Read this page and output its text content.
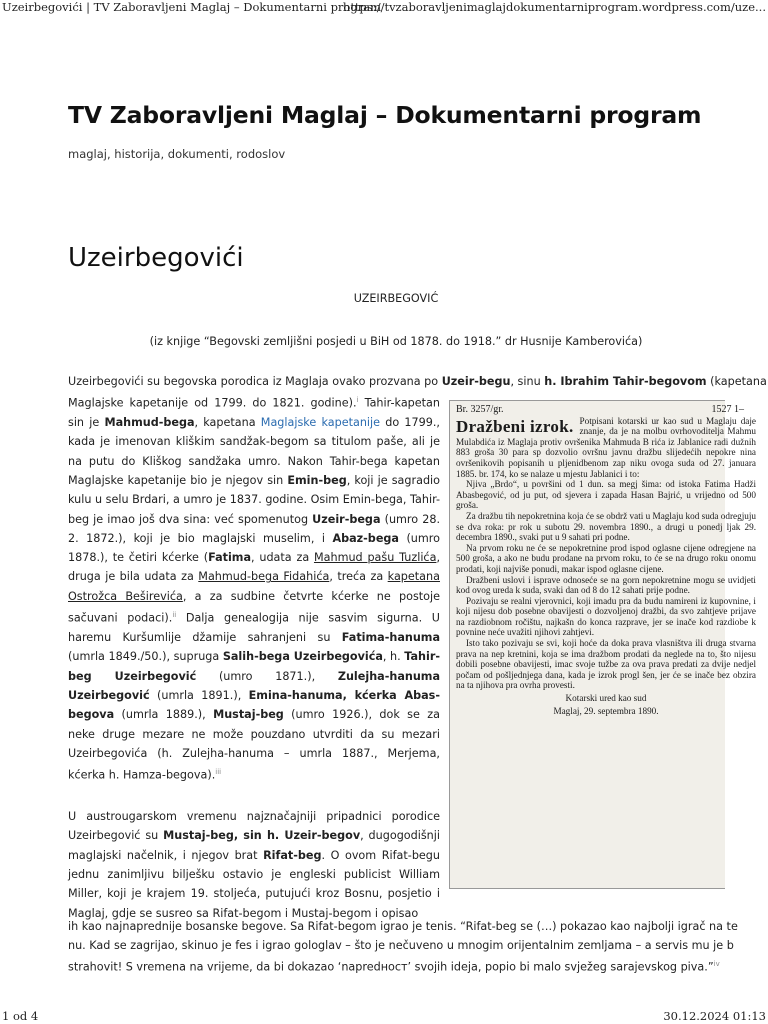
Uzeirbegovići | TV Zaboravljeni Maglaj – Dokumentarni program
https://tvzaboravljenimaglajdokumentarniprogram.wordpress.com/uze...
TV Zaboravljeni Maglaj – Dokumentarni program
maglaj, historija, dokumenti, rodoslov
Uzeirbegovići
UZEIRBEGOVIĆ
(iz knjige “Begovski zemljišni posjedi u BiH od 1878. do 1918.” dr Husnije Kamberovića)
Uzeirbegovići su begovska porodica iz Maglaja ovako prozvana po Uzeir-begu, sinu h. Ibrahim Tahir-begovom (kapetana

Maglajske kapetanije od 1799. do 1821. godine).$^i$ Tahir-kapetan sin je Mahmud-bega, kapetana Maglajske kapetanije do 1799., kada je imenovan kliškim sandžak-begom sa titulom paše, ali je na putu do Kliškog sandžaka umro. Nakon Tahir-bega kapetan Maglajske kapetanije bio je njegov sin Emin-beg, koji je sagradio kulu u selu Brdari, a umro je 1837. godine. Osim Emin-bega, Tahir-beg je imao još dva sina: već spomenutog Uzeir-bega (umro 28. 2. 1872.), koji je bio maglajski muselim, i Abaz-bega (umro 1878.), te četiri kćerke (Fatima, udata za Mahmud pašu Tuzlića, druga je bila udata za Mahmud-bega Fidahića, treća za kapetana Ostrožca Beširevića, a za sudbine četvrte kćerke ne postoje sačuvani podaci).$^{ii}$ Dalja genealogija nije sasvim sigurna. U haremu Kuršumlije džamije sahranjeni su Fatima-hanuma (umrla 1849./50.), supruga Salih-bega Uzeirbegovića, h. Tahir-beg Uzeirbegović (umro 1871.), Zulejha-hanuma Uzeirbegović (umrla 1891.), Emina-hanuma, kćerka Abas-begova (umrla 1889.), Mustaj-beg (umro 1926.), dok se za neke druge mezare ne može pouzdano utvrditi da su mezari Uzeirbegovića (h. Zulejha-hanuma – umrla 1887., Merjema, kćerka h. Hamza-begova).$^{iii}$

U austrougarskom vremenu najznačajniji pripadnici porodice Uzeirbegović su Mustaj-beg, sin h. Uzeir-begov, dugogodišnji maglajski načelnik, i njegov brat Rifat-beg. O ovom Rifat-begu jednu zanimljivu bilješku ostavio je engleski publicist William Miller, koji je krajem 19. stoljeća, putujući kroz Bosnu, posjetio i Maglaj, gdje se susreo sa Rifat-begom i Mustaj-begom i opisao

ih kao najnaprednije bosanske begove. Sa Rifat-begom igrao je tenis. “Rifat-beg se (…) pokazao kao najbolji igrač na te
nu. Kad se zagrijao, skinuo je fes i igrao gologlav – što je nečuveno u mnogim orijentalnim zemljama – a servis mu je b
strahovit! S vremena na vrijeme, da bi dokazao ‘napredност’ svojih ideja, popio bi malo svježeg sarajevskog piva.”$^{iv}$
Br. 3257/gr.	1527 1–
Dražbeni izrok. Potpisani kotarski ur kao sud u Maglaju daje znanje, da je na molbu ovrhovoditelja Mahmu Mulabdića iz Maglaja protiv ovršenika Mahmuda B rića iz Jablanice radi dužnih 883 groša 30 para sp dozvolio ovršnu javnu dražbu slijedećih nepokre nina ovršenikovih popisanih u pljenidbenom zap niku ovoga suda od 27. januara 1885. br. 174, ko se nalaze u mjestu Jablanici i to:

Njiva „Brdo“, u površini od 1 dun. sa megj šima: od istoka Fatima Hadži Abasbegović, od ju put, od sjevera i zapada Hasan Bajrić, u vrijedno od 500 groša.

Za dražbu tih nepokretnina koja će se obdrž vati u Maglaju kod suda odregjuju se dva roka: pr rok u subotu 29. novembra 1890., a drugi u ponedj ljak 29. decembra 1890., svaki put u 9 sahati pri podne.

Na prvom roku ne će se nepokretnine prod ispod oglasne cijene odregjene na 500 groša, a ako ne budu prodane na prvom roku, to će se na drugo roku onomu prodati, koji najviše ponudi, makar ispod oglasne cijene.

Dražbeni uslovi i ispravе odnoseće se na gorn nepokretnine mogu se uvidjeti kod ovog ureda k suda, svaki dan od 8 do 12 sahati prije podne.

Pozivaju se realni vjerovnici, koji imadu pra da budu namireni iz kupovnine, i koji nijesu dob posebne obavijesti o dozvoljenoj dražbi, da svo zahtjeve prijave na razdiobnom ročištu, najkašn do konca razprave, jer se inače kod razdiobe k povnine neće uvažiti njihovi zahtjevi.

Isto tako pozivaju se svi, koji hoće da doka prava vlasništva ili druga stvarna prava na nep kretnini, koja se ima dražbom prodati da neglede na to, što nijesu dobili posebne obavijesti, imac svoje tužbe za ova prava predati za dvije nedjel počam od pošljednjega dana, kada je izrok progl šen, jer će se inače bez obzira na ta njihova pra ovrha provesti.

Kotarski ured kao sud

Maglaj, 29. septembra 1890.

1 od 4	30.12.2024 01:13
